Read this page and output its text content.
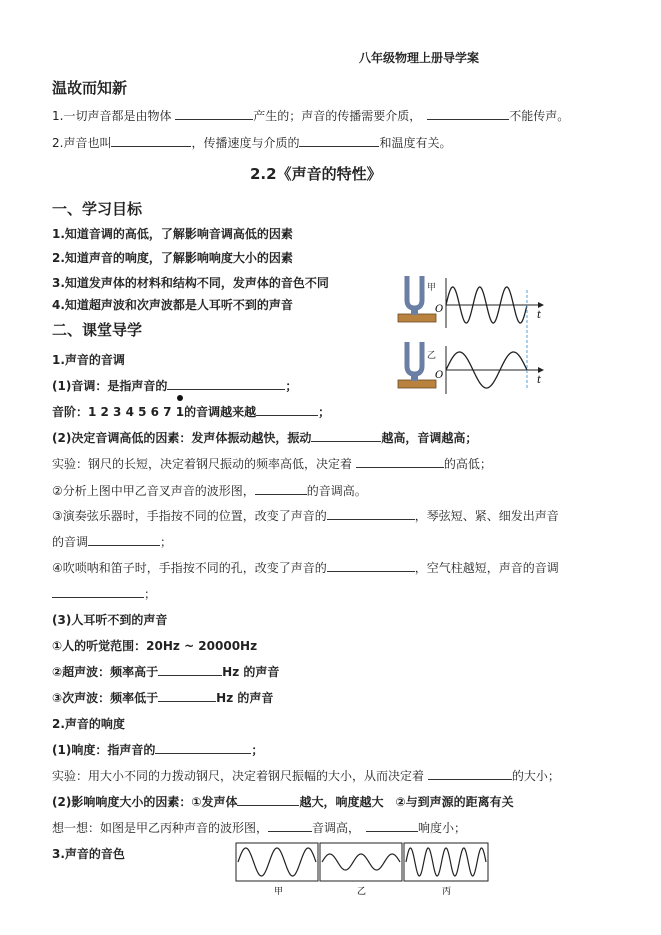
八年级物理上册导学案
温故而知新
1.一切声音都是由物体	产生的；声音的传播需要介质，	不能传声。
2.声音也叫	，传播速度与介质的	和温度有关。
2.2《声音的特性》
一、学习目标
1.知道音调的高低，了解影响音调高低的因素
2.知道声音的响度，了解影响响度大小的因素
3.知道发声体的材料和结构不同，发声体的音色不同
4.知道超声波和次声波都是人耳听不到的声音
二、课堂导学
1.声音的音调
(1)音调：是指声音的	；
音阶：1 2 3 4 5 6 7
1的音调越来越	；
(2)决定音调高低的因素：发声体振动越快，振动	越高，音调越高；
实验：钢尺的长短，决定着钢尺振动的频率高低，决定着	的高低；
②分析上图中甲乙音叉声音的波形图，	的音调高。
③演奏弦乐器时，手指按不同的位置，改变了声音的	，琴弦短、紧、细发出声音
的音调	；
④吹唢呐和笛子时，手指按不同的孔，改变了声音的	，空气柱越短，声音的音调
；
(3)人耳听不到的声音
①人的听觉范围：20Hz ~ 20000Hz
②超声波：频率高于	Hz 的声音
③次声波：频率低于	Hz 的声音
2.声音的响度
(1)响度：指声音的	；
实验：用大小不同的力拨动钢尺，决定着钢尺振幅的大小，从而决定着	的大小；
(2)影响响度大小的因素：①发声体	越大，响度越大　②与到声源的距离有关
想一想：如图是甲乙丙种声音的波形图，	音调高，	响度小；
3.声音的音色
甲
O
t
乙
O	t
甲	乙	丙
